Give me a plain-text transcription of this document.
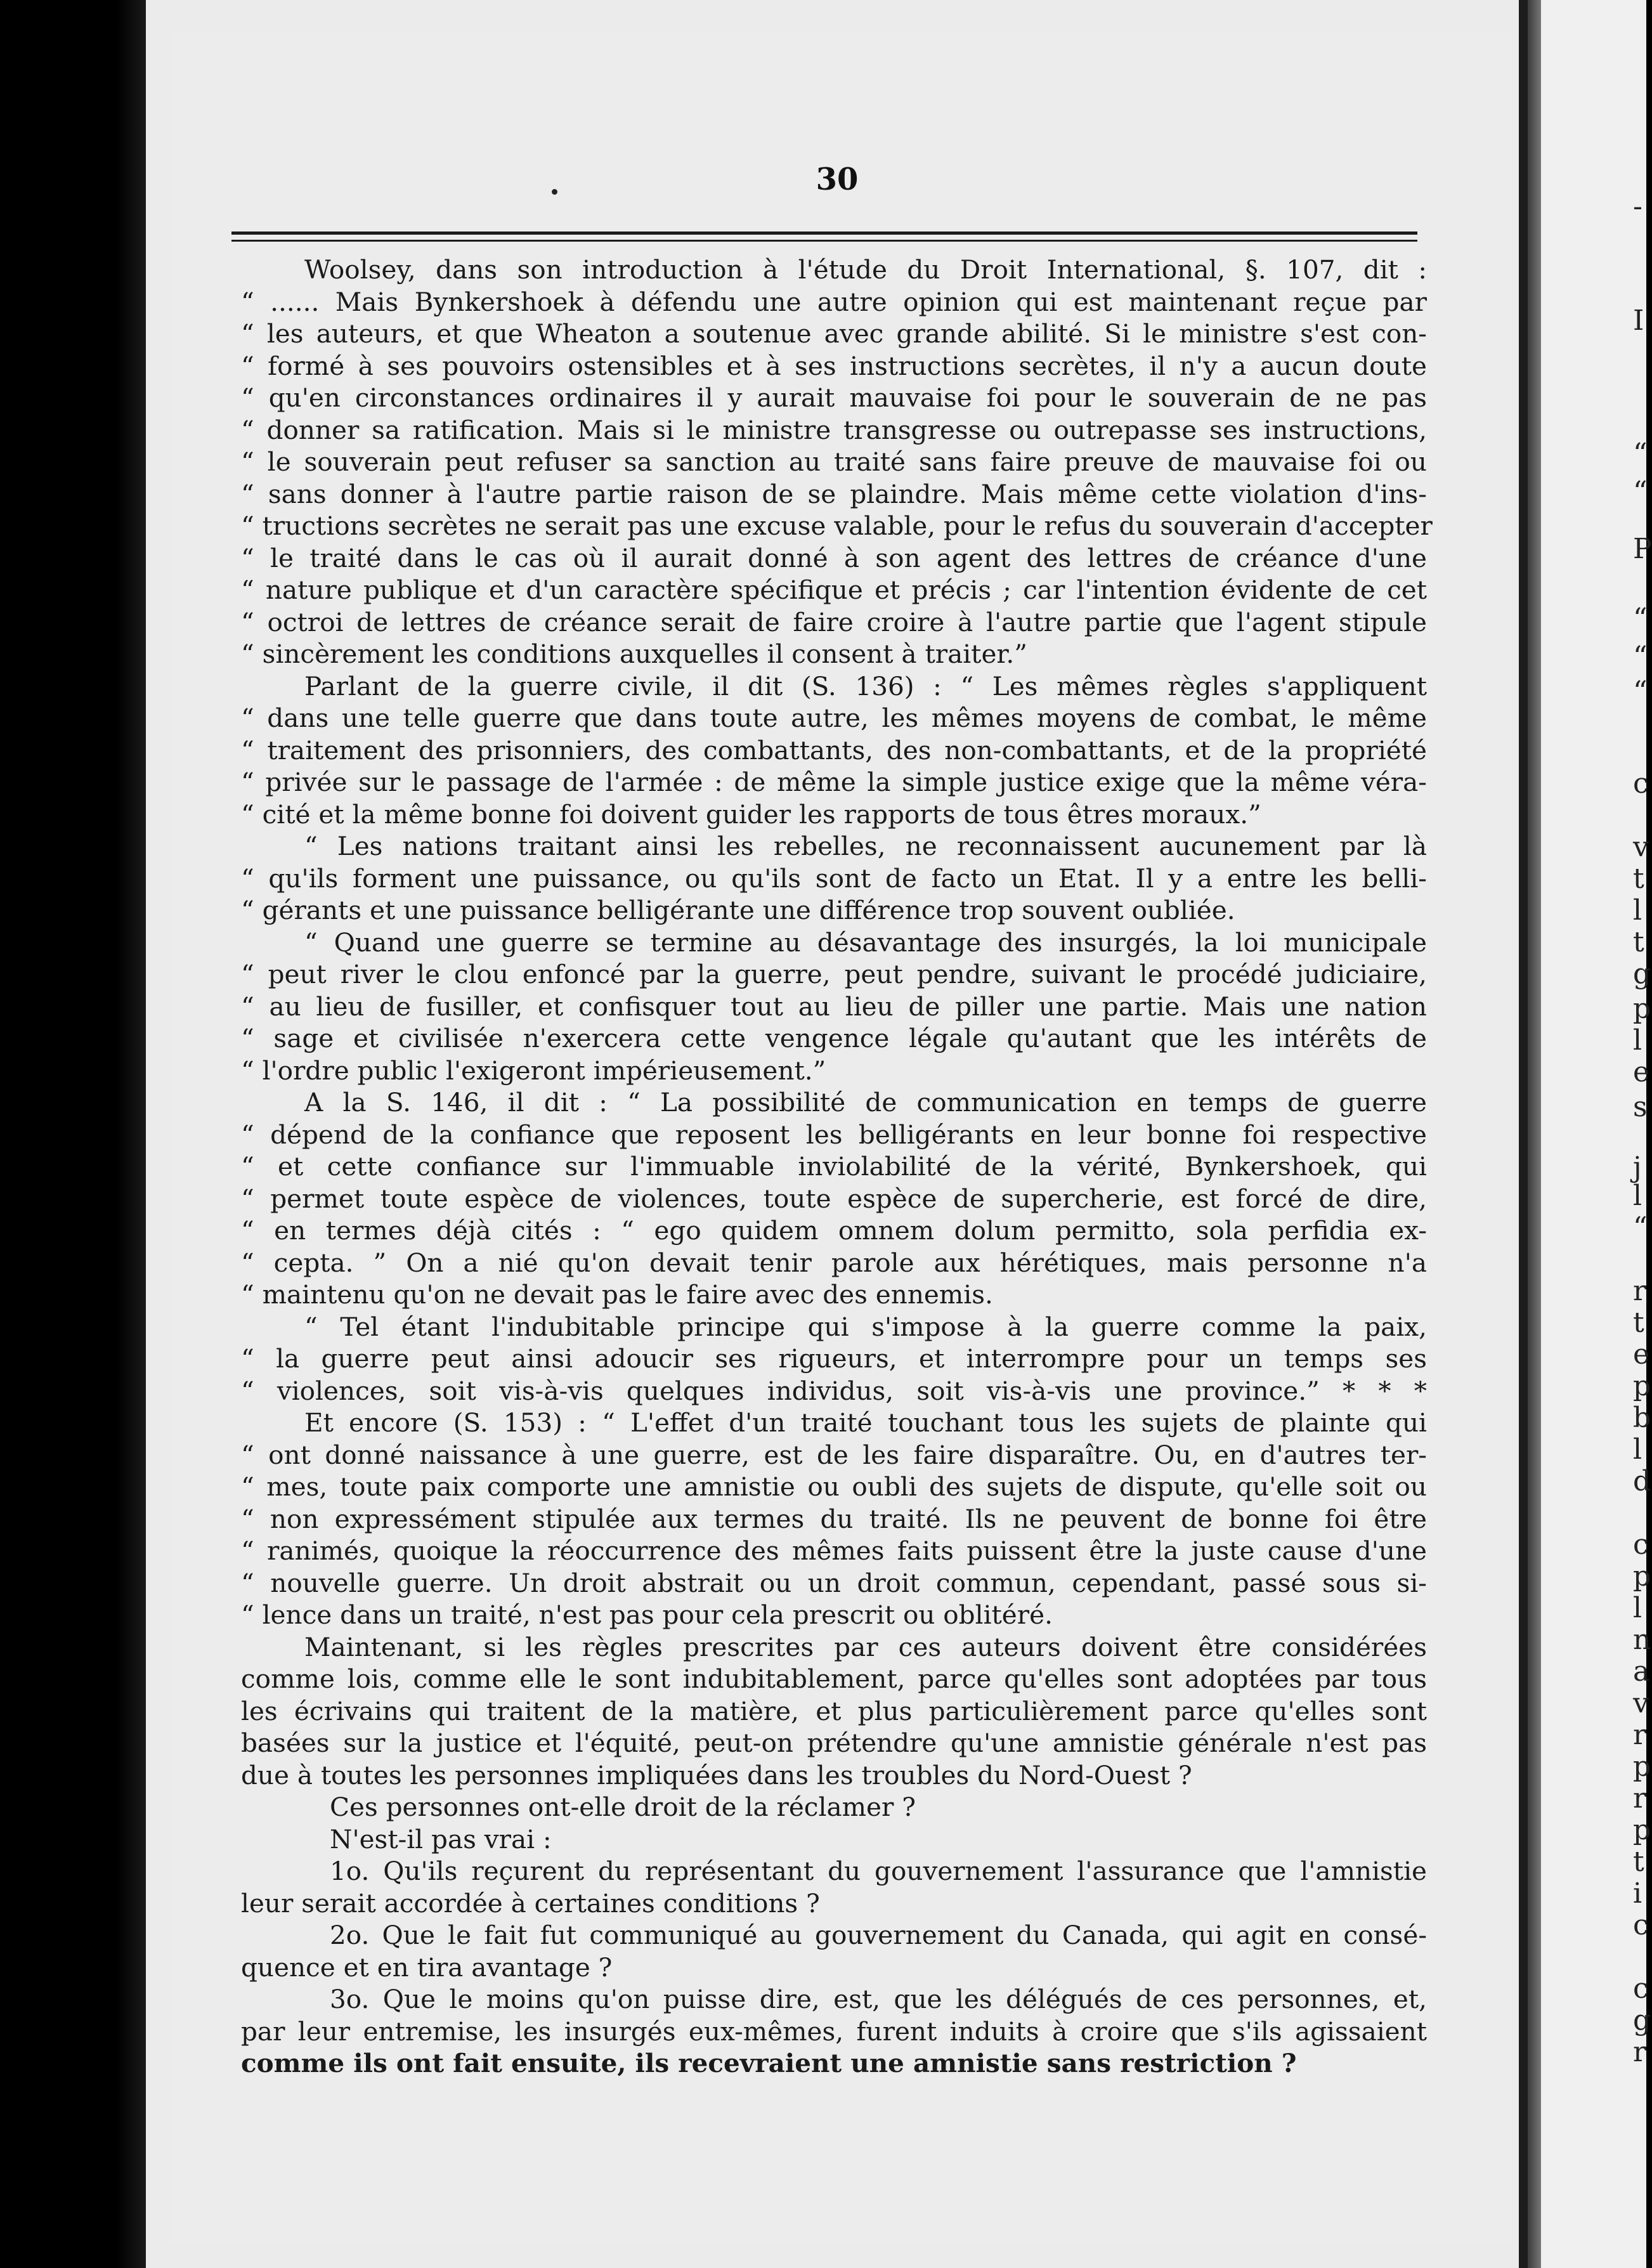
-
I
“
“
P
“
“
“
c
v
t
l
t
g
p
l
e
s
j
l
“
r
t
e
p
b
l
d
c
p
l
n
a
v
r
p
r
p
t
i
c
c
g
r
30
Woolsey, dans son introduction à l'étude du Droit International, §. 107, dit :
“ ...... Mais Bynkershoek à défendu une autre opinion qui est maintenant reçue par
“ les auteurs, et que Wheaton a soutenue avec grande abilité. Si le ministre s'est con-
“ formé à ses pouvoirs ostensibles et à ses instructions secrètes, il n'y a aucun doute
“ qu'en circonstances ordinaires il y aurait mauvaise foi pour le souverain de ne pas
“ donner sa ratification. Mais si le ministre transgresse ou outrepasse ses instructions,
“ le souverain peut refuser sa sanction au traité sans faire preuve de mauvaise foi ou
“ sans donner à l'autre partie raison de se plaindre. Mais même cette violation d'ins-
“ tructions secrètes ne serait pas une excuse valable, pour le refus du souverain d'accepter
“ le traité dans le cas où il aurait donné à son agent des lettres de créance d'une
“ nature publique et d'un caractère spécifique et précis ; car l'intention évidente de cet
“ octroi de lettres de créance serait de faire croire à l'autre partie que l'agent stipule
“ sincèrement les conditions auxquelles il consent à traiter.”
Parlant de la guerre civile, il dit (S. 136) : “ Les mêmes règles s'appliquent
“ dans une telle guerre que dans toute autre, les mêmes moyens de combat, le même
“ traitement des prisonniers, des combattants, des non-combattants, et de la propriété
“ privée sur le passage de l'armée : de même la simple justice exige que la même véra-
“ cité et la même bonne foi doivent guider les rapports de tous êtres moraux.”
“ Les nations traitant ainsi les rebelles, ne reconnaissent aucunement par là
“ qu'ils forment une puissance, ou qu'ils sont de facto un Etat. Il y a entre les belli-
“ gérants et une puissance belligérante une différence trop souvent oubliée.
“ Quand une guerre se termine au désavantage des insurgés, la loi municipale
“ peut river le clou enfoncé par la guerre, peut pendre, suivant le procédé judiciaire,
“ au lieu de fusiller, et confisquer tout au lieu de piller une partie. Mais une nation
“ sage et civilisée n'exercera cette vengence légale qu'autant que les intérêts de
“ l'ordre public l'exigeront impérieusement.”
A la S. 146, il dit : “ La possibilité de communication en temps de guerre
“ dépend de la confiance que reposent les belligérants en leur bonne foi respective
“ et cette confiance sur l'immuable inviolabilité de la vérité, Bynkershoek, qui
“ permet toute espèce de violences, toute espèce de supercherie, est forcé de dire,
“ en termes déjà cités : “ ego quidem omnem dolum permitto, sola perfidia ex-
“ cepta. ” On a nié qu'on devait tenir parole aux hérétiques, mais personne n'a
“ maintenu qu'on ne devait pas le faire avec des ennemis.
“ Tel étant l'indubitable principe qui s'impose à la guerre comme la paix,
“ la guerre peut ainsi adoucir ses rigueurs, et interrompre pour un temps ses
“ violences, soit vis-à-vis quelques individus, soit vis-à-vis une province.” * * *
Et encore (S. 153) : “ L'effet d'un traité touchant tous les sujets de plainte qui
“ ont donné naissance à une guerre, est de les faire disparaître. Ou, en d'autres ter-
“ mes, toute paix comporte une amnistie ou oubli des sujets de dispute, qu'elle soit ou
“ non expressément stipulée aux termes du traité. Ils ne peuvent de bonne foi être
“ ranimés, quoique la réoccurrence des mêmes faits puissent être la juste cause d'une
“ nouvelle guerre. Un droit abstrait ou un droit commun, cependant, passé sous si-
“ lence dans un traité, n'est pas pour cela prescrit ou oblitéré.
Maintenant, si les règles prescrites par ces auteurs doivent être considérées
comme lois, comme elle le sont indubitablement, parce qu'elles sont adoptées par tous
les écrivains qui traitent de la matière, et plus particulièrement parce qu'elles sont
basées sur la justice et l'équité, peut-on prétendre qu'une amnistie générale n'est pas
due à toutes les personnes impliquées dans les troubles du Nord-Ouest ?
Ces personnes ont-elle droit de la réclamer ?
N'est-il pas vrai :
1o. Qu'ils reçurent du représentant du gouvernement l'assurance que l'amnistie
leur serait accordée à certaines conditions ?
2o. Que le fait fut communiqué au gouvernement du Canada, qui agit en consé-
quence et en tira avantage ?
3o. Que le moins qu'on puisse dire, est, que les délégués de ces personnes, et,
par leur entremise, les insurgés eux-mêmes, furent induits à croire que s'ils agissaient
comme ils ont fait ensuite, ils recevraient une amnistie sans restriction ?
